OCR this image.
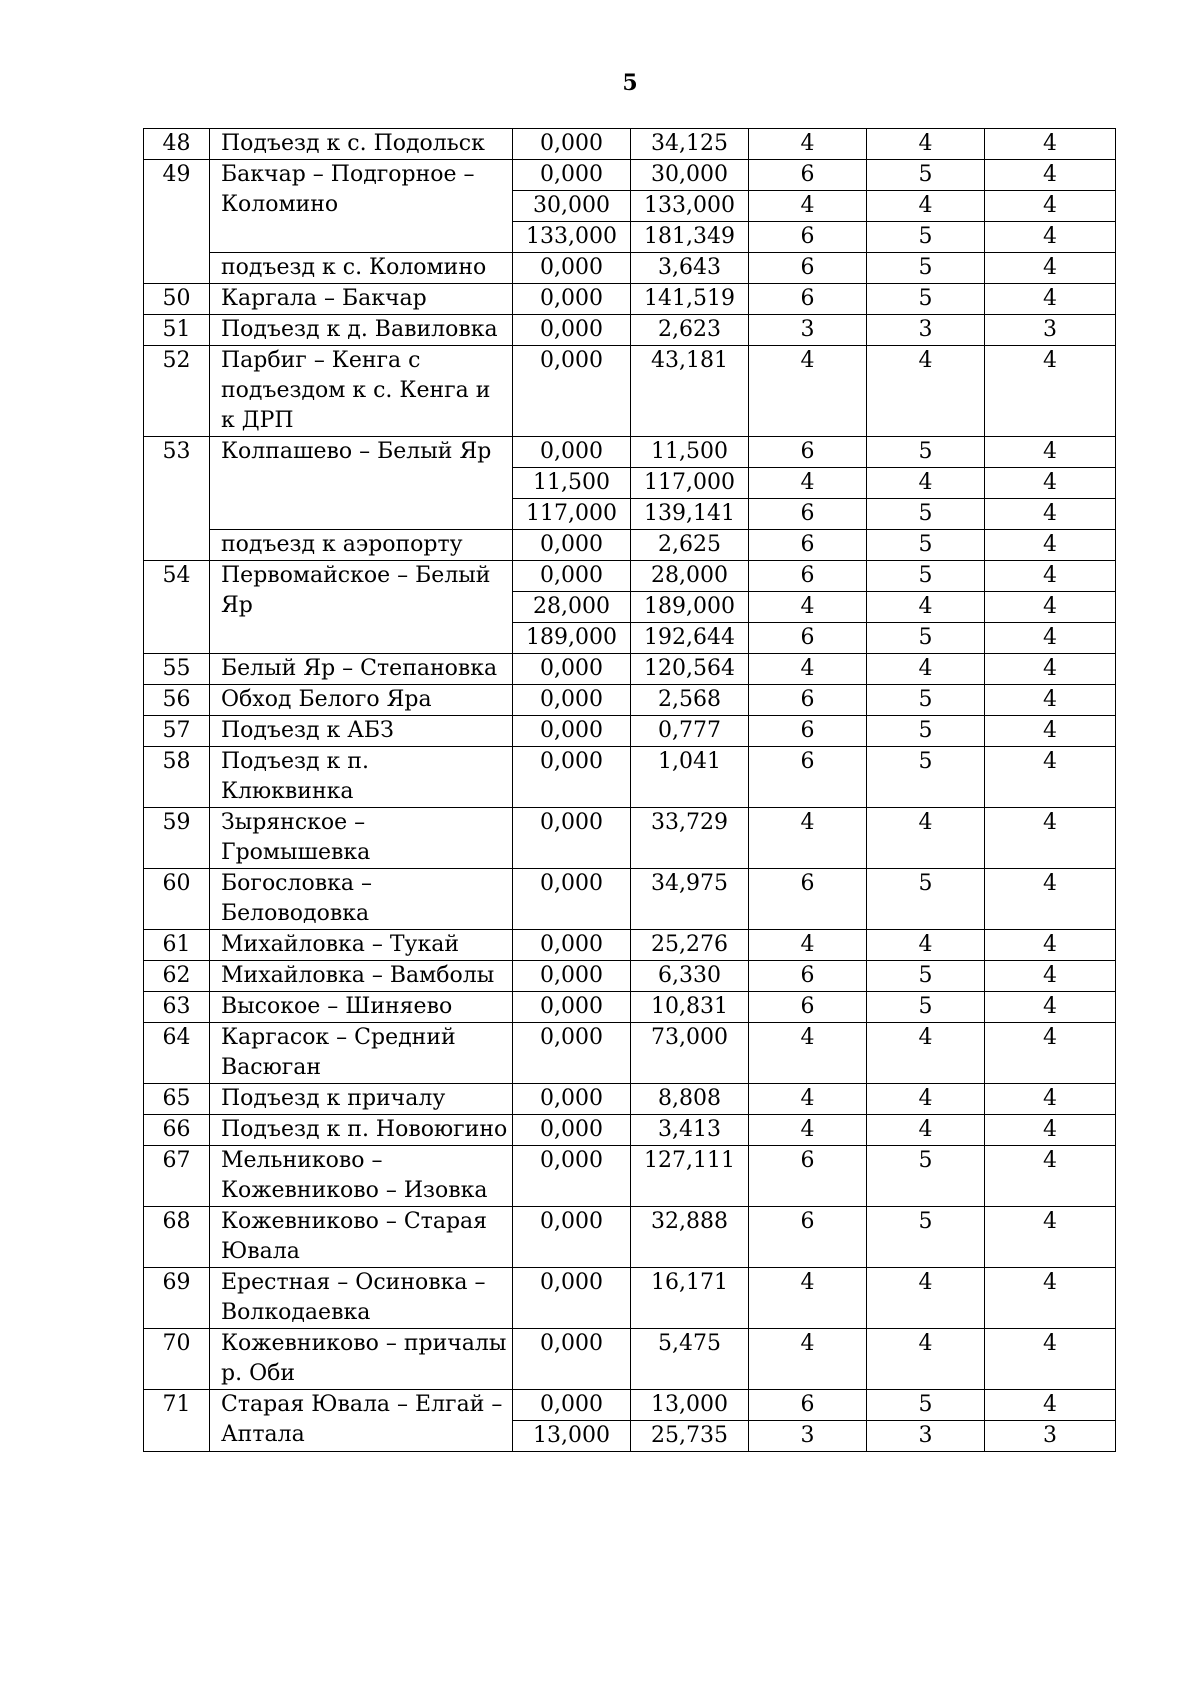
5
48	Подъезд к с. Подольск	0,000	34,125	4	4	4
49	Бакчар – Подгорное – Коломино	0,000	30,000	6	5	4
		30,000	133,000	4	4	4
		133,000	181,349	6	5	4
	подъезд к с. Коломино	0,000	3,643	6	5	4
50	Каргала – Бакчар	0,000	141,519	6	5	4
51	Подъезд к д. Вавиловка	0,000	2,623	3	3	3
52	Парбиг – Кенга с подъездом к с. Кенга и к ДРП	0,000	43,181	4	4	4
53	Колпашево – Белый Яр	0,000	11,500	6	5	4
		11,500	117,000	4	4	4
		117,000	139,141	6	5	4
	подъезд к аэропорту	0,000	2,625	6	5	4
54	Первомайское – Белый Яр	0,000	28,000	6	5	4
		28,000	189,000	4	4	4
		189,000	192,644	6	5	4
55	Белый Яр – Степановка	0,000	120,564	4	4	4
56	Обход Белого Яра	0,000	2,568	6	5	4
57	Подъезд к АБЗ	0,000	0,777	6	5	4
58	Подъезд к п. Клюквинка	0,000	1,041	6	5	4
59	Зырянское – Громышевка	0,000	33,729	4	4	4
60	Богословка – Беловодовка	0,000	34,975	6	5	4
61	Михайловка – Тукай	0,000	25,276	4	4	4
62	Михайловка – Вамболы	0,000	6,330	6	5	4
63	Высокое – Шиняево	0,000	10,831	6	5	4
64	Каргасок – Средний Васюган	0,000	73,000	4	4	4
65	Подъезд к причалу	0,000	8,808	4	4	4
66	Подъезд к п. Новоюгино	0,000	3,413	4	4	4
67	Мельниково – Кожевниково – Изовка	0,000	127,111	6	5	4
68	Кожевниково – Старая Ювала	0,000	32,888	6	5	4
69	Ерестная – Осиновка – Волкодаевка	0,000	16,171	4	4	4
70	Кожевниково – причалы р. Оби	0,000	5,475	4	4	4
71	Старая Ювала – Елгай – Аптала	0,000	13,000	6	5	4
		13,000	25,735	3	3	3
